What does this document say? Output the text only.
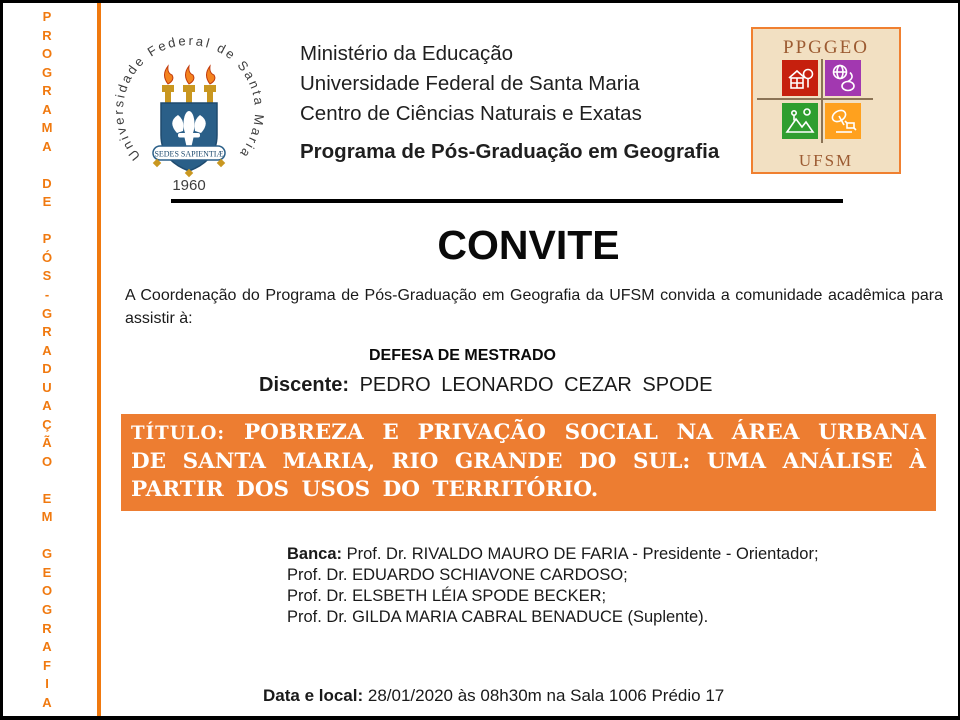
P
R
O
G
R
A
M
A
D
E
P
Ó
S
-
G
R
A
D
U
A
Ç
Ã
O
E
M
G
E
O
G
R
A
F
I
A
Universidade Federal de Santa Maria
SEDES SAPIENTIÆ
1960
Ministério da Educação
Universidade Federal de Santa Maria
Centro de Ciências Naturais e Exatas
Programa de Pós-Graduação em Geografia
PPGGEO
UFSM
CONVITE
A Coordenação do Programa de Pós-Graduação em Geografia da UFSM convida a comunidade acadêmica para assistir à:
DEFESA DE MESTRADO
Discente: PEDRO LEONARDO CEZAR SPODE
TÍTULO: POBREZA E PRIVAÇÃO SOCIAL NA ÁREA URBANA DE SANTA MARIA, RIO GRANDE DO SUL: UMA ANÁLISE À PARTIR DOS USOS DO TERRITÓRIO.
Banca: Prof. Dr. RIVALDO MAURO DE FARIA - Presidente - Orientador;
Prof. Dr. EDUARDO SCHIAVONE CARDOSO;
Prof. Dr. ELSBETH LÉIA SPODE BECKER;
Prof. Dr. GILDA MARIA CABRAL BENADUCE (Suplente).
Data e local: 28/01/2020 às 08h30m na Sala 1006 Prédio 17
